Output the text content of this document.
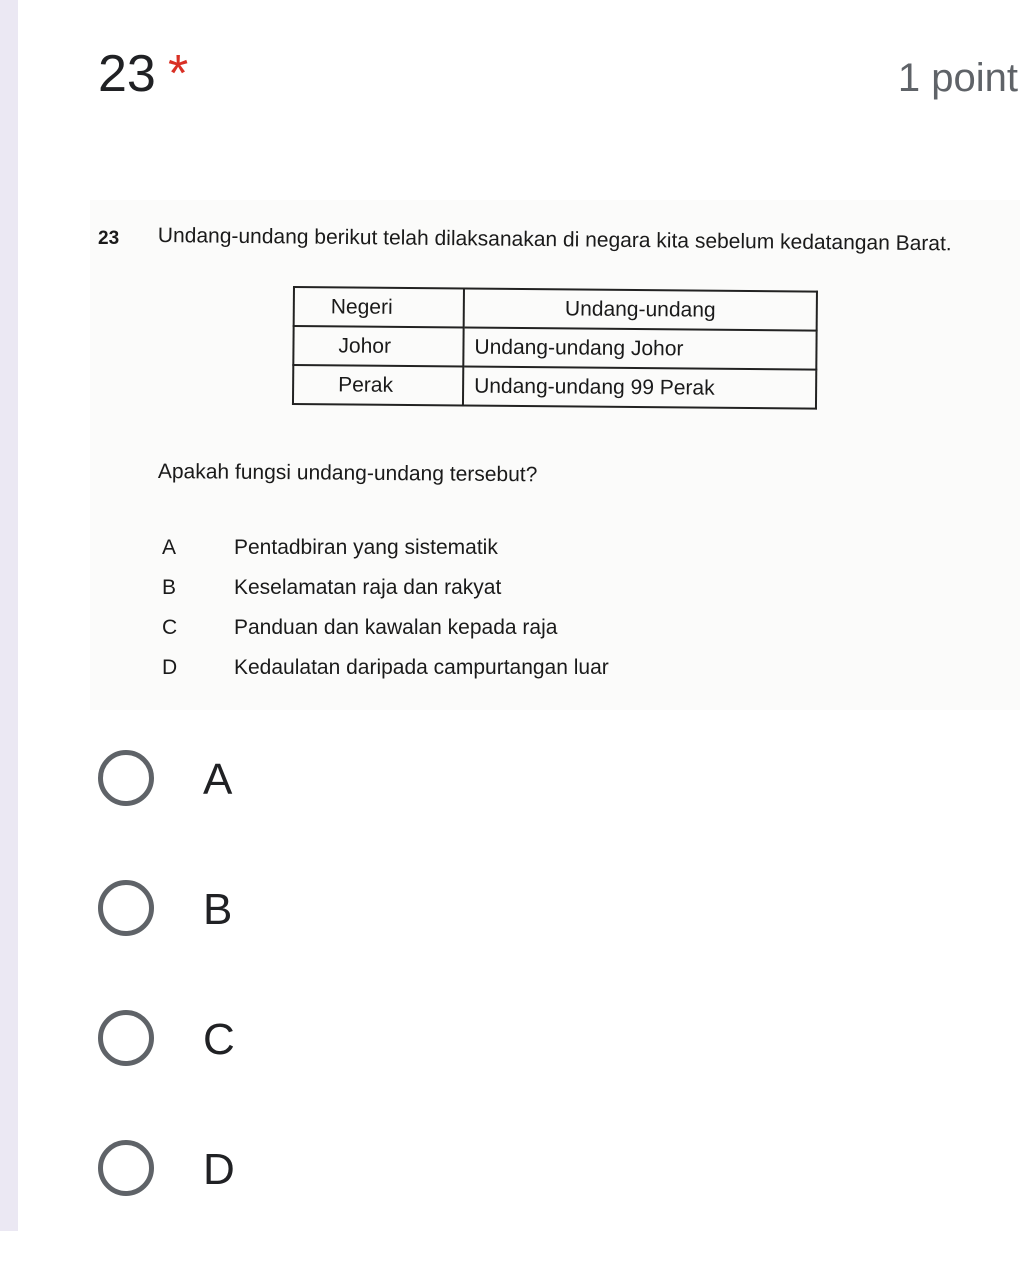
23 *	1 point
23 Undang-undang berikut telah dilaksanakan di negara kita sebelum kedatangan Barat.
Negeri	Undang-undang
Johor	Undang-undang Johor
Perak	Undang-undang 99 Perak
Apakah fungsi undang-undang tersebut?
A	Pentadbiran yang sistematik
B	Keselamatan raja dan rakyat
C	Panduan dan kawalan kepada raja
D	Kedaulatan daripada campurtangan luar
A
B
C
D
